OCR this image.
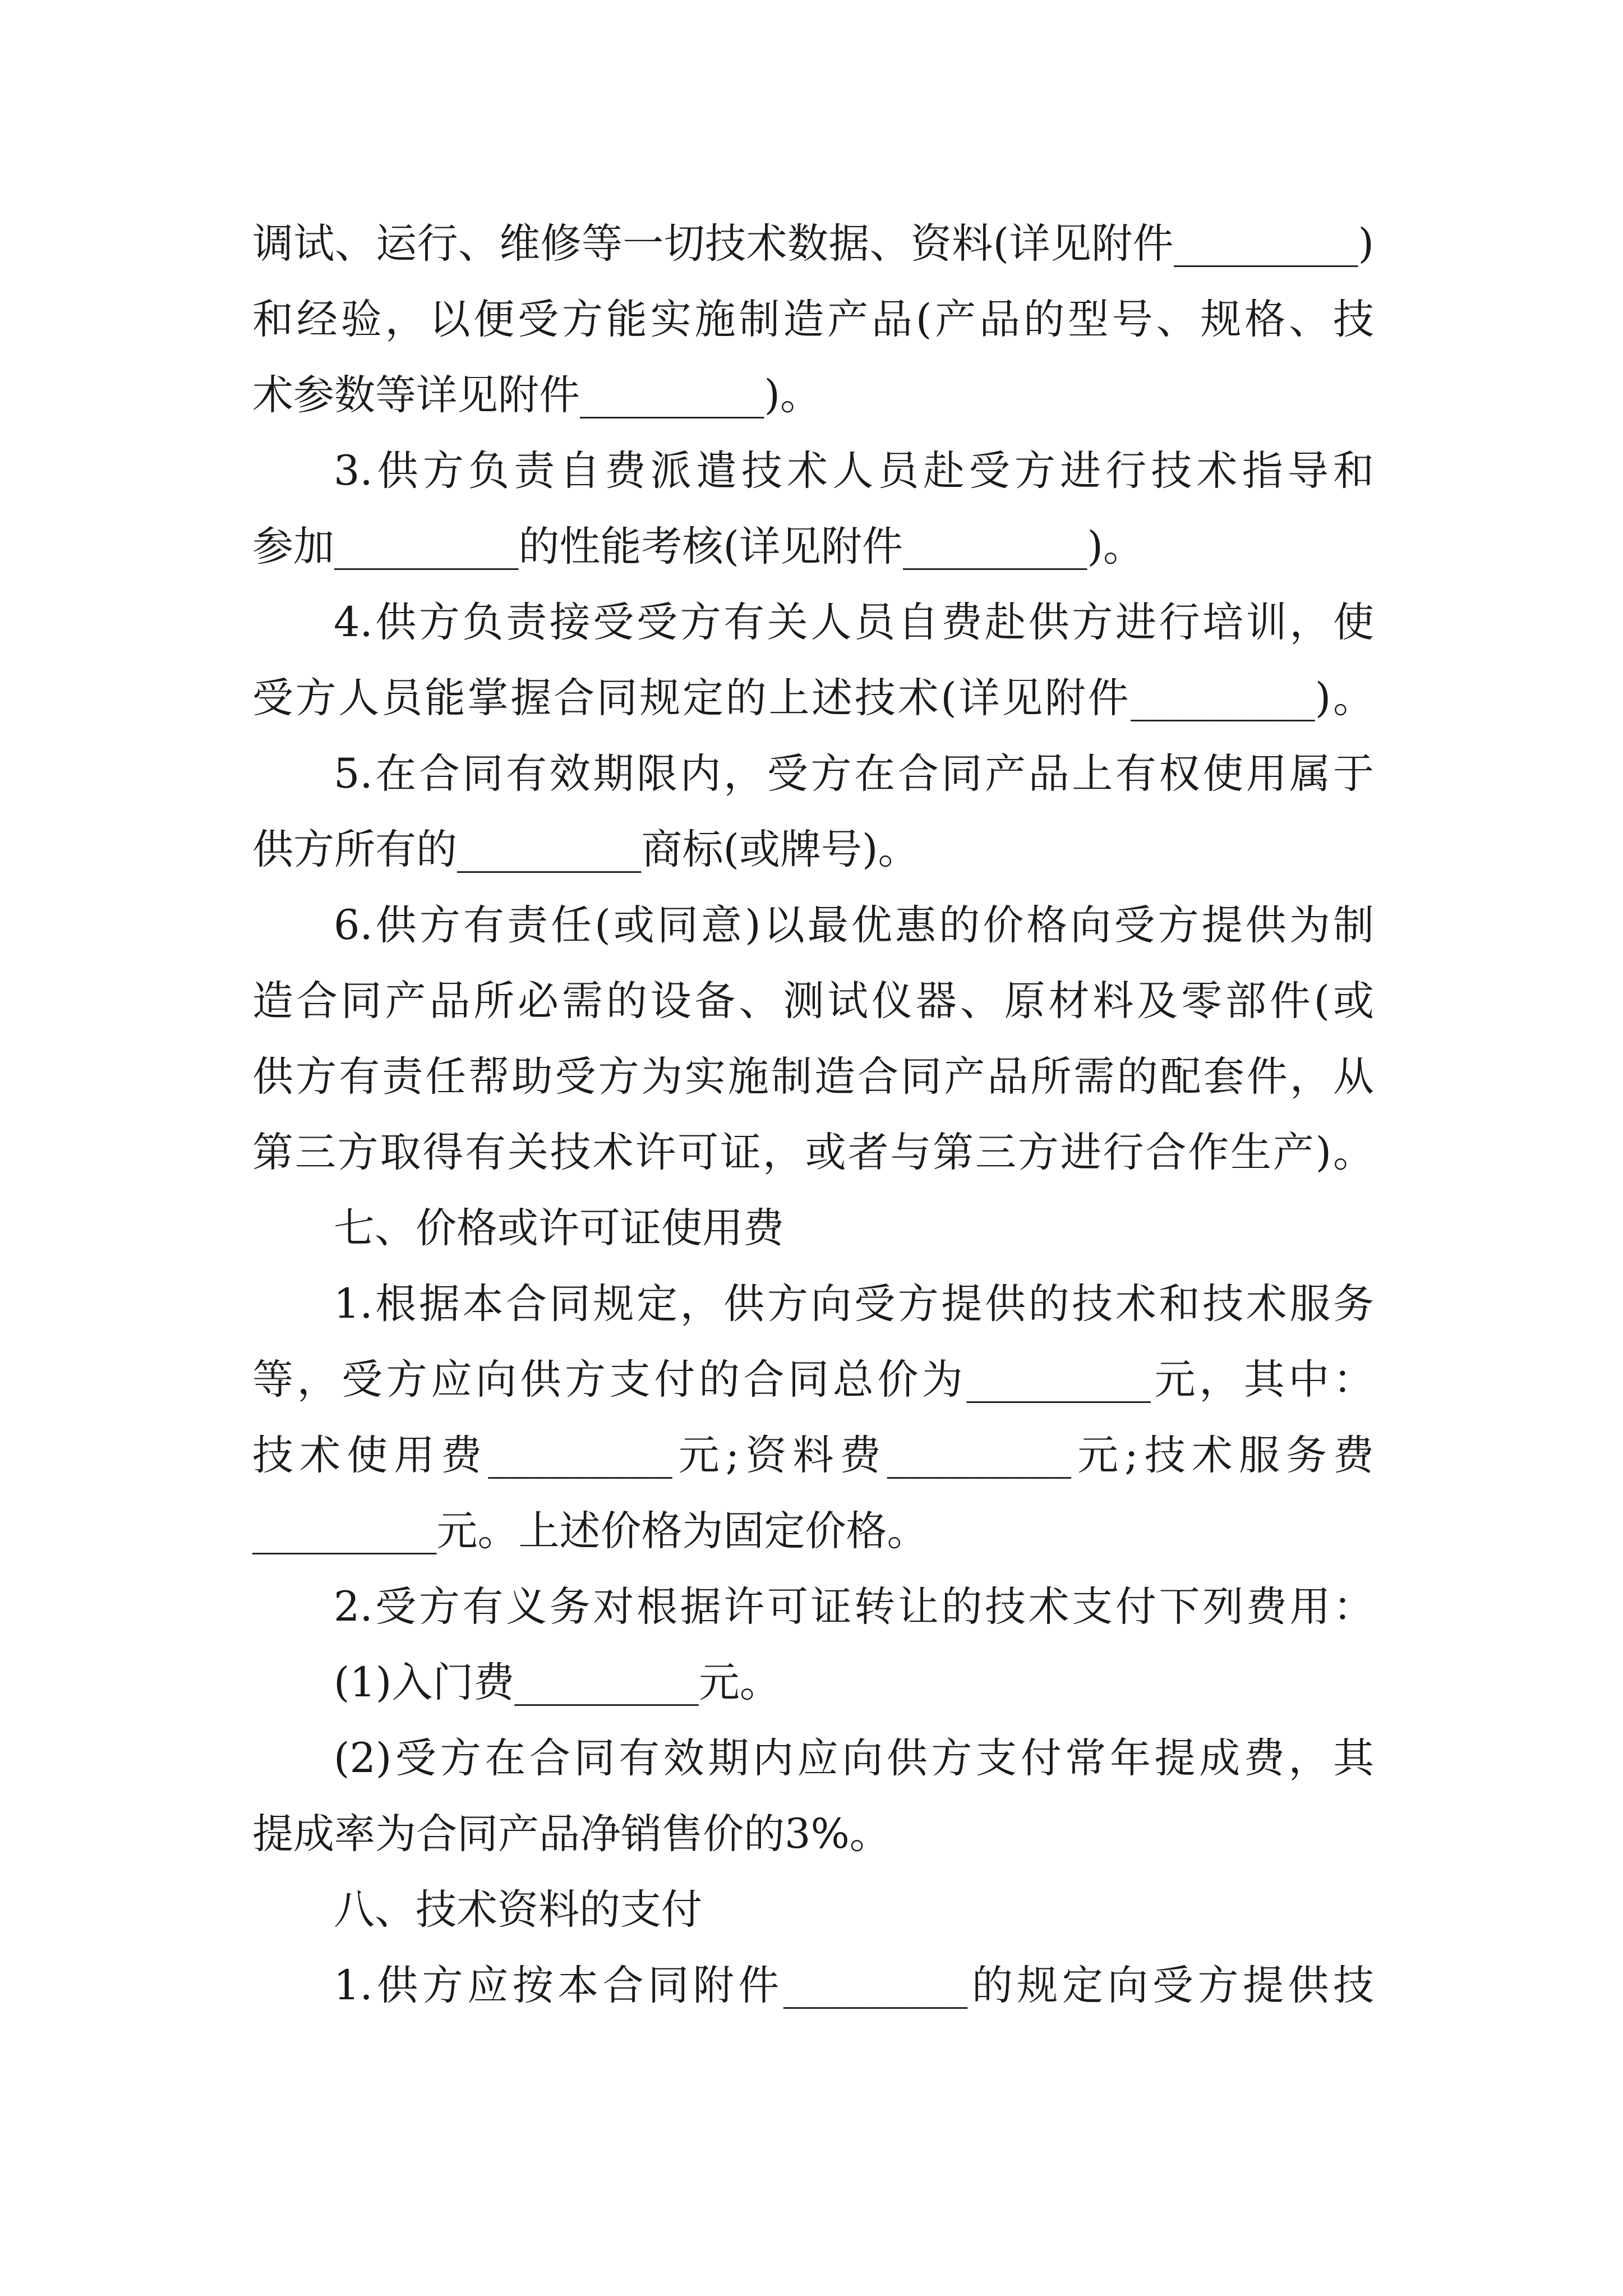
调试、运行、维修等一切技术数据、资料(详见附件_________)
和经验，以便受方能实施制造产品(产品的型号、规格、技
术参数等详见附件_________)。
3.供方负责自费派遣技术人员赴受方进行技术指导和
参加_________的性能考核(详见附件_________)。
4.供方负责接受受方有关人员自费赴供方进行培训，使
受方人员能掌握合同规定的上述技术(详见附件_________)。
5.在合同有效期限内，受方在合同产品上有权使用属于
供方所有的_________商标(或牌号)。
6.供方有责任(或同意)以最优惠的价格向受方提供为制
造合同产品所必需的设备、测试仪器、原材料及零部件(或
供方有责任帮助受方为实施制造合同产品所需的配套件，从
第三方取得有关技术许可证，或者与第三方进行合作生产)。
七、价格或许可证使用费
1.根据本合同规定，供方向受方提供的技术和技术服务
等，受方应向供方支付的合同总价为_________元，其中：
技术使用费_________元;资料费_________元;技术服务费
_________元。上述价格为固定价格。
2.受方有义务对根据许可证转让的技术支付下列费用：
(1)入门费_________元。
(2)受方在合同有效期内应向供方支付常年提成费，其
提成率为合同产品净销售价的3%。
八、技术资料的支付
1.供方应按本合同附件_________的规定向受方提供技
